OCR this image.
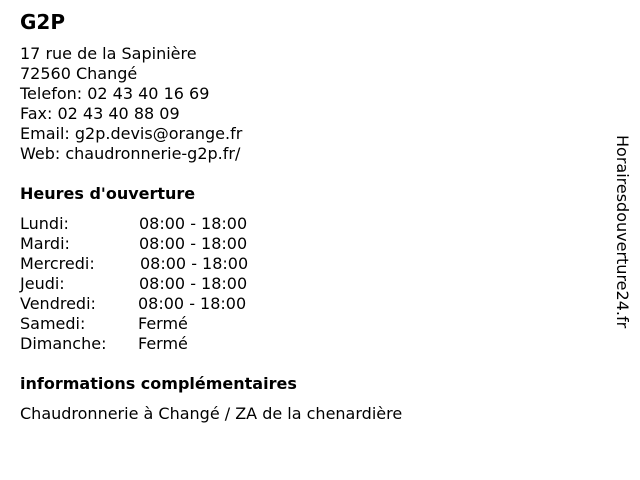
G2P
17 rue de la Sapinière
72560 Changé
Telefon: 02 43 40 16 69
Fax: 02 43 40 88 09
Email: g2p.devis@orange.fr
Web: chaudronnerie-g2p.fr/
Heures d'ouverture
Lundi:	08:00 - 18:00
Mardi:	08:00 - 18:00
Mercredi:	08:00 - 18:00
Jeudi:	08:00 - 18:00
Vendredi:	08:00 - 18:00
Samedi:	Fermé
Dimanche: Fermé
informations complémentaires
Chaudronnerie à Changé / ZA de la chenardière
Horairesdouverture24.fr
